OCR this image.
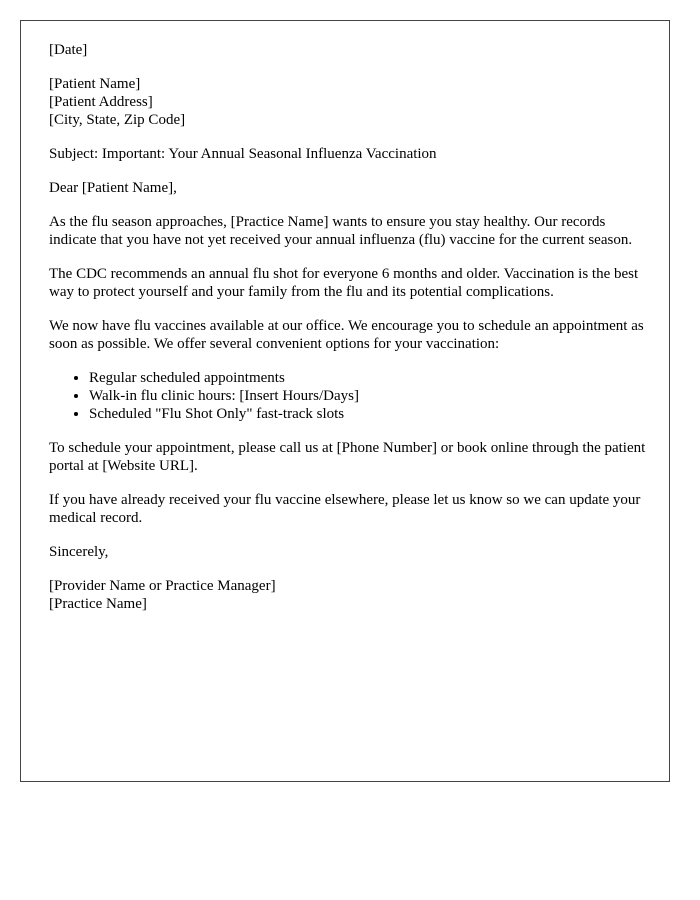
[Date]

[Patient Name]
[Patient Address]
[City, State, Zip Code]

Subject: Important: Your Annual Seasonal Influenza Vaccination

Dear [Patient Name],

As the flu season approaches, [Practice Name] wants to ensure you stay healthy. Our records indicate that you have not yet received your annual influenza (flu) vaccine for the current season.

The CDC recommends an annual flu shot for everyone 6 months and older. Vaccination is the best way to protect yourself and your family from the flu and its potential complications.

We now have flu vaccines available at our office. We encourage you to schedule an appointment as soon as possible. We offer several convenient options for your vaccination:

• Regular scheduled appointments
• Walk-in flu clinic hours: [Insert Hours/Days]
• Scheduled "Flu Shot Only" fast-track slots

To schedule your appointment, please call us at [Phone Number] or book online through the patient portal at [Website URL].

If you have already received your flu vaccine elsewhere, please let us know so we can update your medical record.

Sincerely,

[Provider Name or Practice Manager]
[Practice Name]
